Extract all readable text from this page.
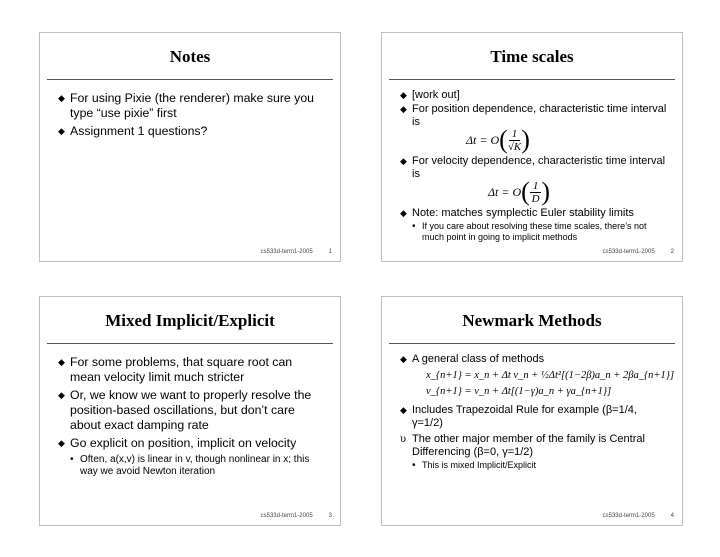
Notes
◆ For using Pixie (the renderer) make sure you type “use pixie” first
◆ Assignment 1 questions?
cs533d-term1-2005	1
Time scales
◆ [work out]
◆ For position dependence, characteristic time interval is
Δt = O ( $\frac{1}{√K}$ )
◆ For velocity dependence, characteristic time interval is
Δt = O ( $\frac{1}{D}$ )
◆ Note: matches symplectic Euler stability limits
• If you care about resolving these time scales, there’s not much point in going to implicit methods
cs533d-term1-2005	2
Mixed Implicit/Explicit
◆ For some problems, that square root can mean velocity limit much stricter
◆ Or, we know we want to properly resolve the position-based oscillations, but don’t care about exact damping rate
◆ Go explicit on position, implicit on velocity
• Often, a(x,v) is linear in v, though nonlinear in x; this way we avoid Newton iteration
cs533d-term1-2005	3
Newmark Methods
◆ A general class of methods
x_{n+1} = x_n + Δt v_n + ½Δt²[(1−2β)a_n + 2βa_{n+1}]
v_{n+1} = v_n + Δt[(1−γ)a_n + γa_{n+1}]
◆ Includes Trapezoidal Rule for example (β=1/4, γ=1/2)
υ The other major member of the family is Central Differencing (β=0, γ=1/2)
• This is mixed Implicit/Explicit
cs533d-term1-2005	4
